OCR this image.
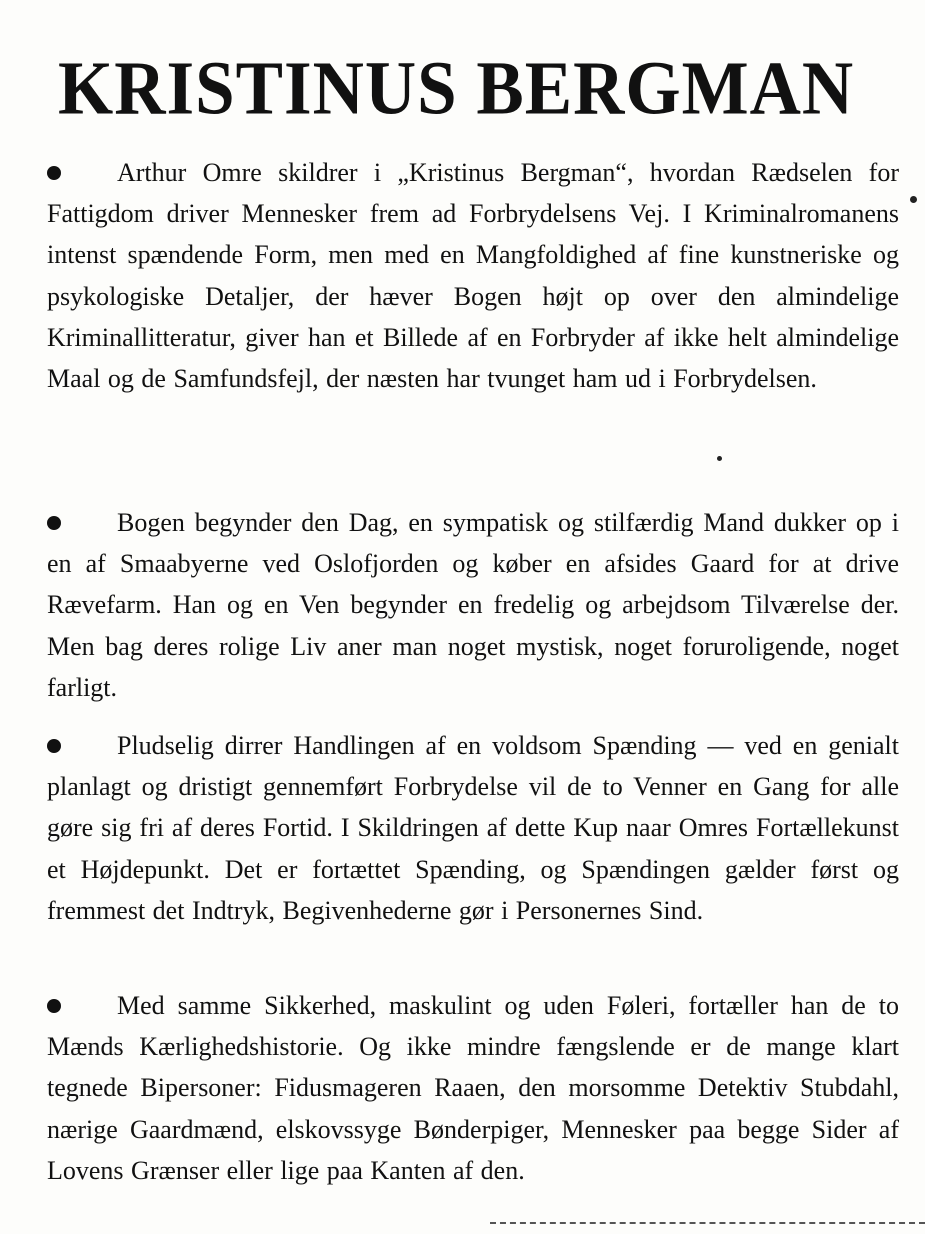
KRISTINUS BERGMAN

Arthur Omre skildrer i „Kristinus Bergman“, hvordan Rædselen for Fattigdom driver Mennesker frem ad Forbrydelsens Vej. I Kriminalromanens intenst spændende Form, men med en Mangfoldighed af fine kunstneriske og psykologiske Detaljer, der hæver Bogen højt op over den almindelige Kriminallitteratur, giver han et Billede af en Forbryder af ikke helt almindelige Maal og de Samfundsfejl, der næsten har tvunget ham ud i Forbrydelsen.

Bogen begynder den Dag, en sympatisk og stilfærdig Mand dukker op i en af Smaabyerne ved Oslofjorden og køber en afsides Gaard for at drive Rævefarm. Han og en Ven begynder en fredelig og arbejdsom Tilværelse der. Men bag deres rolige Liv aner man noget mystisk, noget foruroligende, noget farligt.

Pludselig dirrer Handlingen af en voldsom Spænding — ved en genialt planlagt og dristigt gennemført Forbrydelse vil de to Venner en Gang for alle gøre sig fri af deres Fortid. I Skildringen af dette Kup naar Omres Fortællekunst et Højdepunkt. Det er fortættet Spænding, og Spændingen gælder først og fremmest det Indtryk, Begivenhederne gør i Personernes Sind.

Med samme Sikkerhed, maskulint og uden Føleri, fortæller han de to Mænds Kærlighedshistorie. Og ikke mindre fængslende er de mange klart tegnede Bipersoner: Fidusmageren Raaen, den morsomme Detektiv Stubdahl, nærige Gaardmænd, elskovssyge Bønderpiger, Mennesker paa begge Sider af Lovens Grænser eller lige paa Kanten af den.
